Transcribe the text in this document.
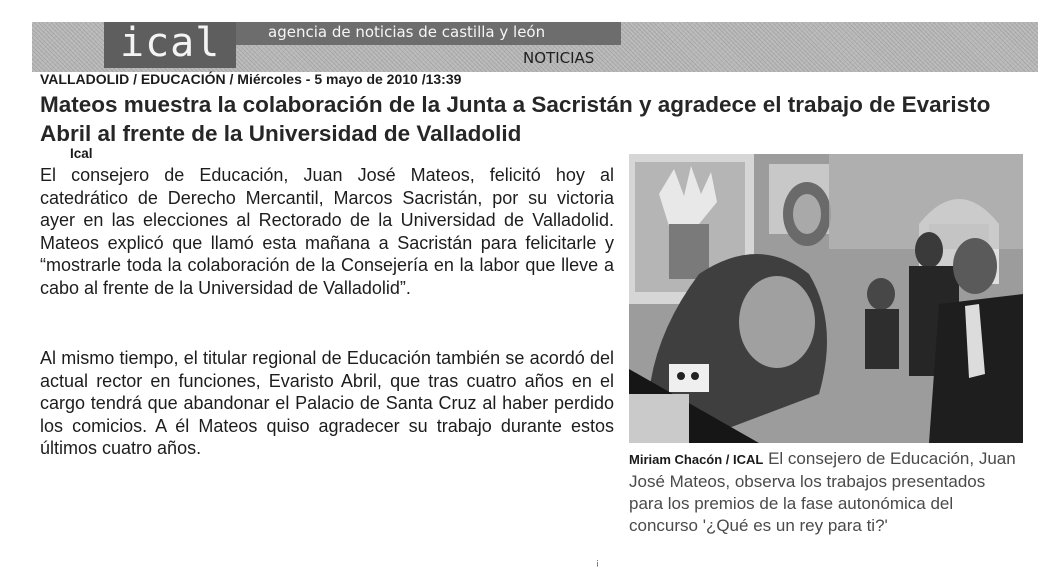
ical	agencia de noticias de castilla y león
NOTICIAS
VALLADOLID / EDUCACIÓN / Miércoles - 5 mayo de 2010 /13:39
Mateos muestra la colaboración de la Junta a Sacristán y agradece el trabajo de Evaristo Abril al frente de la Universidad de Valladolid
Ical

El consejero de Educación, Juan José Mateos, felicitó hoy al catedrático de Derecho Mercantil, Marcos Sacristán, por su victoria ayer en las elecciones al Rectorado de la Universidad de Valladolid. Mateos explicó que llamó esta mañana a Sacristán para felicitarle y “mostrarle toda la colaboración de la Consejería en la labor que lleve a cabo al frente de la Universidad de Valladolid”.

Al mismo tiempo, el titular regional de Educación también se acordó del actual rector en funciones, Evaristo Abril, que tras cuatro años en el cargo tendrá que abandonar el Palacio de Santa Cruz al haber perdido los comicios. A él Mateos quiso agradecer su trabajo durante estos últimos cuatro años.

Miriam Chacón / ICAL El consejero de Educación, Juan José Mateos, observa los trabajos presentados para los premios de la fase autonómica del concurso '¿Qué es un rey para ti?'

¡
